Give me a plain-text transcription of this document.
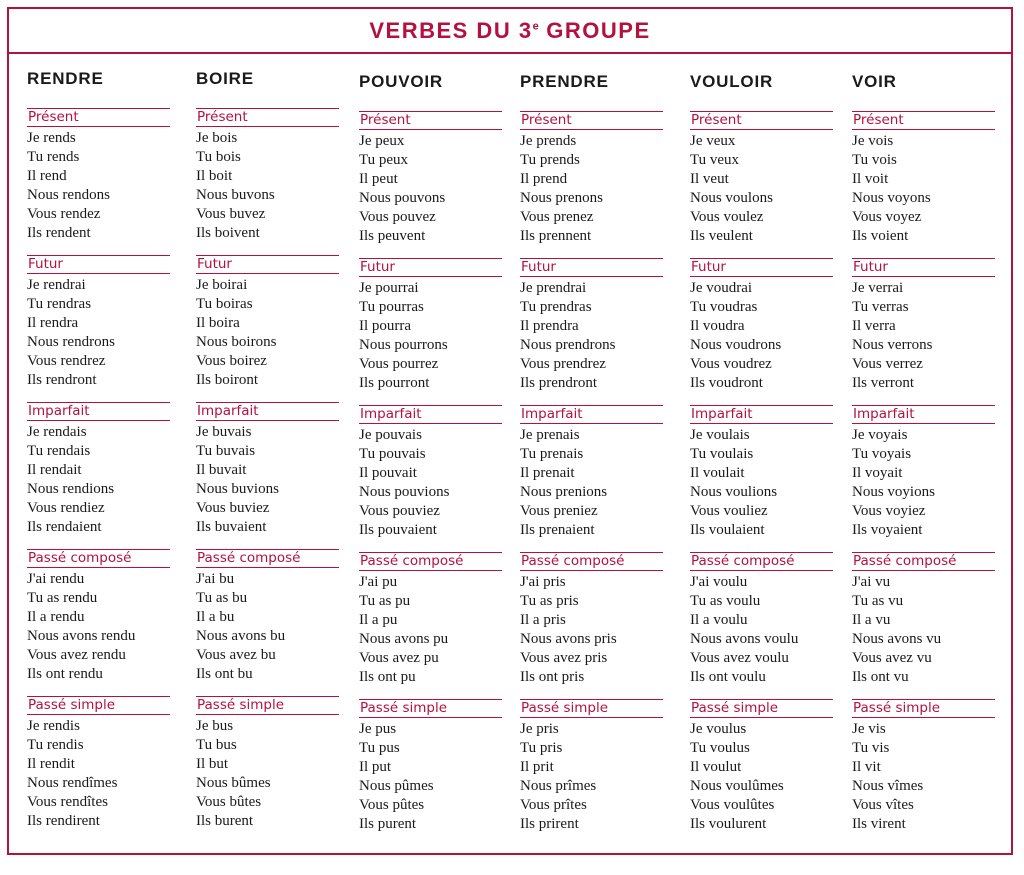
VERBES DU 3e GROUPE
RENDRE
Présent
Je rends
Tu rends
Il rend
Nous rendons
Vous rendez
Ils rendent
Futur
Je rendrai
Tu rendras
Il rendra
Nous rendrons
Vous rendrez
Ils rendront
Imparfait
Je rendais
Tu rendais
Il rendait
Nous rendions
Vous rendiez
Ils rendaient
Passé composé
J'ai rendu
Tu as rendu
Il a rendu
Nous avons rendu
Vous avez rendu
Ils ont rendu
Passé simple
Je rendis
Tu rendis
Il rendit
Nous rendîmes
Vous rendîtes
Ils rendirent
BOIRE
Présent
Je bois
Tu bois
Il boit
Nous buvons
Vous buvez
Ils boivent
Futur
Je boirai
Tu boiras
Il boira
Nous boirons
Vous boirez
Ils boiront
Imparfait
Je buvais
Tu buvais
Il buvait
Nous buvions
Vous buviez
Ils buvaient
Passé composé
J'ai bu
Tu as bu
Il a bu
Nous avons bu
Vous avez bu
Ils ont bu
Passé simple
Je bus
Tu bus
Il but
Nous bûmes
Vous bûtes
Ils burent
POUVOIR
Présent
Je peux
Tu peux
Il peut
Nous pouvons
Vous pouvez
Ils peuvent
Futur
Je pourrai
Tu pourras
Il pourra
Nous pourrons
Vous pourrez
Ils pourront
Imparfait
Je pouvais
Tu pouvais
Il pouvait
Nous pouvions
Vous pouviez
Ils pouvaient
Passé composé
J'ai pu
Tu as pu
Il a pu
Nous avons pu
Vous avez pu
Ils ont pu
Passé simple
Je pus
Tu pus
Il put
Nous pûmes
Vous pûtes
Ils purent
PRENDRE
Présent
Je prends
Tu prends
Il prend
Nous prenons
Vous prenez
Ils prennent
Futur
Je prendrai
Tu prendras
Il prendra
Nous prendrons
Vous prendrez
Ils prendront
Imparfait
Je prenais
Tu prenais
Il prenait
Nous prenions
Vous preniez
Ils prenaient
Passé composé
J'ai pris
Tu as pris
Il a pris
Nous avons pris
Vous avez pris
Ils ont pris
Passé simple
Je pris
Tu pris
Il prit
Nous prîmes
Vous prîtes
Ils prirent
VOULOIR
Présent
Je veux
Tu veux
Il veut
Nous voulons
Vous voulez
Ils veulent
Futur
Je voudrai
Tu voudras
Il voudra
Nous voudrons
Vous voudrez
Ils voudront
Imparfait
Je voulais
Tu voulais
Il voulait
Nous voulions
Vous vouliez
Ils voulaient
Passé composé
J'ai voulu
Tu as voulu
Il a voulu
Nous avons voulu
Vous avez voulu
Ils ont voulu
Passé simple
Je voulus
Tu voulus
Il voulut
Nous voulûmes
Vous voulûtes
Ils voulurent
VOIR
Présent
Je vois
Tu vois
Il voit
Nous voyons
Vous voyez
Ils voient
Futur
Je verrai
Tu verras
Il verra
Nous verrons
Vous verrez
Ils verront
Imparfait
Je voyais
Tu voyais
Il voyait
Nous voyions
Vous voyiez
Ils voyaient
Passé composé
J'ai vu
Tu as vu
Il a vu
Nous avons vu
Vous avez vu
Ils ont vu
Passé simple
Je vis
Tu vis
Il vit
Nous vîmes
Vous vîtes
Ils virent
